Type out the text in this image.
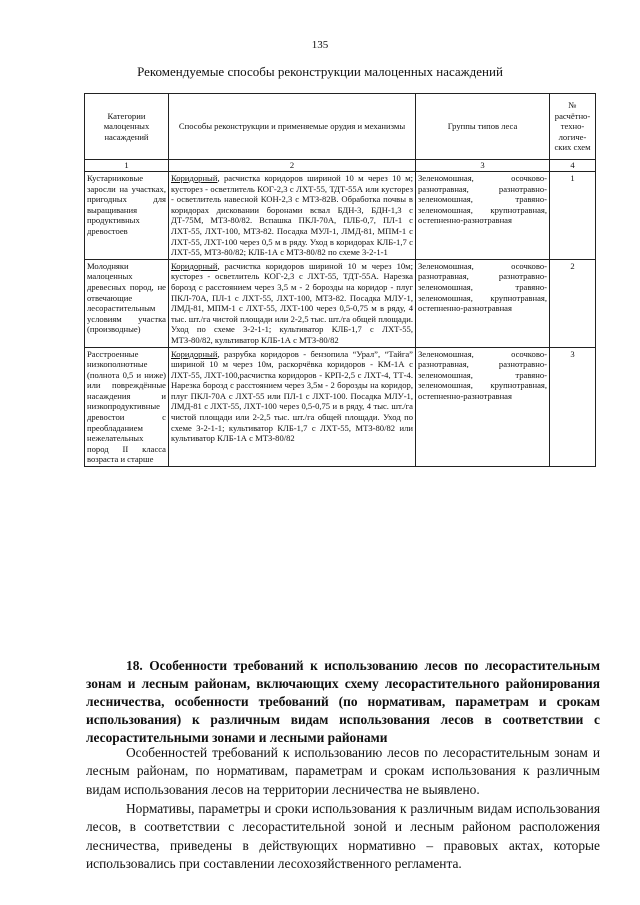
135
Рекомендуемые способы реконструкции малоценных насаждений
Категории малоценных насаждений	Способы реконструкции и применяемые орудия и механизмы	Группы типов леса	№ расчётно-техно-логиче-ских схем
1	2	3	4
Кустарниковые заросли на участках, пригодных для выращивания продуктивных древостоев	Коридорный, расчистка коридоров шириной 10 м через 10 м; кусторез - осветлитель КОГ-2,3 с ЛХТ-55, ТДТ-55А или кусторез - осветлитель навесной КОН-2,3 с МТЗ-82В. Обработка почвы в коридорах дисковании боронами всвал БДН-3, БДН-1,3 с ДТ-75М, МТЗ-80/82. Вспашка ПКЛ-70А, ПЛБ-0,7, ПЛ-1 с ЛХТ-55, ЛХТ-100, МТЗ-82. Посадка МУЛ-1, ЛМД-81, МПМ-1 с ЛХТ-55, ЛХТ-100 через 0,5 м в ряду. Уход в коридорах КЛБ-1,7 с ЛХТ-55, МТЗ-80/82; КЛБ-1А с МТЗ-80/82 по схеме 3-2-1-1	Зеленомошная, осочково-разнотравная, разнотравно-зеленомошная, травяно-зеленомошная, крупнотравная, остепненно-разнотравная	1
Молодняки малоценных древесных пород, не отвечающие лесорастительным условиям участка (производные)	Коридорный, расчистка коридоров шириной 10 м через 10м; кусторез - осветлитель КОГ-2,3 с ЛХТ-55, ТДТ-55А. Нарезка борозд с расстоянием через 3,5 м - 2 борозды на коридор - плуг ПКЛ-70А, ПЛ-1 с ЛХТ-55, ЛХТ-100, МТЗ-82. Посадка МЛУ-1, ЛМД-81, МПМ-1 с ЛХТ-55, ЛХТ-100 через 0,5-0,75 м в ряду, 4 тыс. шт./га чистой площади или 2-2,5 тыс. шт./га общей площади. Уход по схеме 3-2-1-1; культиватор КЛБ-1,7 с ЛХТ-55, МТЗ-80/82, культиватор КЛБ-1А с МТЗ-80/82	Зеленомошная, осочково-разнотравная, разнотравно-зеленомошная, травяно-зеленомошная, крупнотравная, остепненно-разнотравная	2
Расстроенные низкополнотные (полнота 0,5 и ниже) или повреждённые насаждения и низкопродуктивные древостои с преобладанием нежелательных пород II класса возраста и старше	Коридорный, разрубка коридоров - бензопила “Урал”, “Тайга” шириной 10 м через 10м, раскорчёвка коридоров - КМ-1А с ЛХТ-55, ЛХТ-100,расчистка коридоров - КРП-2,5 с ЛХТ-4, ТТ-4. Нарезка борозд с расстоянием через 3,5м - 2 борозды на коридор, плуг ПКЛ-70А с ЛХТ-55 или ПЛ-1 с ЛХТ-100. Посадка МЛУ-1, ЛМД-81 с ЛХТ-55, ЛХТ-100 через 0,5-0,75 и в ряду, 4 тыс. шт./га чистой площади или 2-2,5 тыс. шт./га общей площади. Уход по схеме 3-2-1-1; культиватор КЛБ-1,7 с ЛХТ-55, МТЗ-80/82 или культиватор КЛБ-1А с МТЗ-80/82	Зеленомошная, осочково-разнотравная, разнотравно-зеленомошная, травяно-зеленомошная, крупнотравная, остепненно-разнотравная	3
18. Особенности требований к использованию лесов по лесорастительным зонам и лесным районам, включающих схему лесорастительного районирования лесничества, особенности требований (по нормативам, параметрам и срокам использования) к различным видам использования лесов в соответствии с лесорастительными зонами и лесными районами

Особенностей требований к использованию лесов по лесорастительным зонам и лесным районам, по нормативам, параметрам и срокам использования к различным видам использования лесов на территории лесничества не выявлено.

Нормативы, параметры и сроки использования к различным видам использования лесов, в соответствии с лесорастительной зоной и лесным районом расположения лесничества, приведены в действующих нормативно – правовых актах, которые использовались при составлении лесохозяйственного регламента.
